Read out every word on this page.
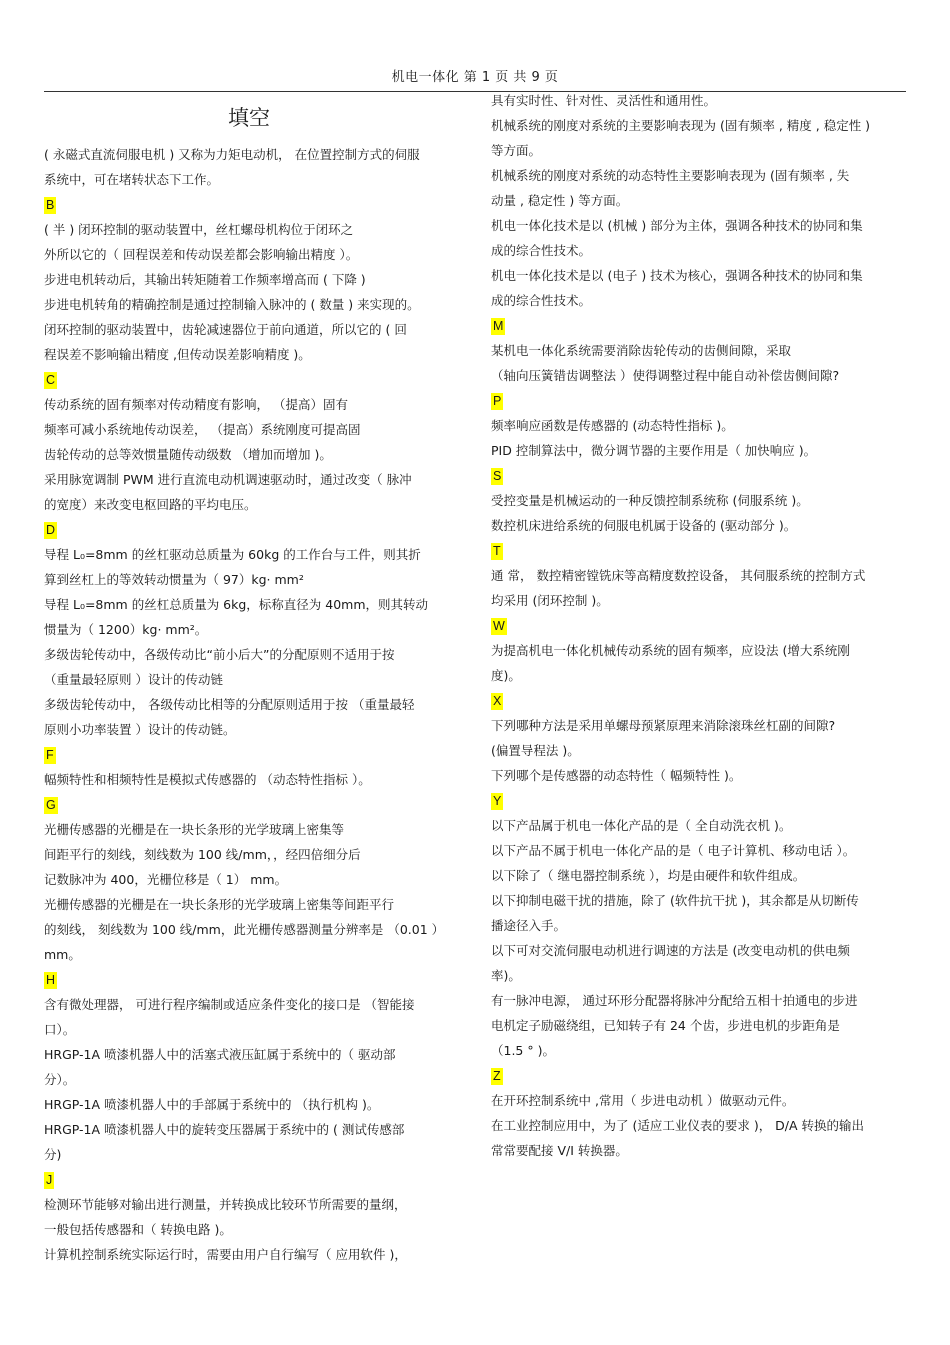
机电一体化 第 1 页 共 9 页
填空
( 永磁式直流伺服电机 ) 又称为力矩电动机， 在位置控制方式的伺服
系统中，可在堵转状态下工作。
B
( 半 ) 闭环控制的驱动装置中，丝杠螺母机构位于闭环之
外所以它的（ 回程误差和传动误差都会影响输出精度 ）。
步进电机转动后，其输出转矩随着工作频率增高而 ( 下降 )
步进电机转角的精确控制是通过控制输入脉冲的 ( 数量 ) 来实现的。
闭环控制的驱动装置中，齿轮减速器位于前向通道，所以它的 ( 回
程误差不影响输出精度 ,但传动误差影响精度 )。
C
传动系统的固有频率对传动精度有影响， （提高）固有
频率可减小系统地传动误差， （提高）系统刚度可提高固
齿轮传动的总等效惯量随传动级数 （增加而增加 )。
采用脉宽调制 PWM 进行直流电动机调速驱动时，通过改变（ 脉冲
的宽度）来改变电枢回路的平均电压。
D
导程 L₀=8mm 的丝杠驱动总质量为 60kg 的工作台与工件，则其折
算到丝杠上的等效转动惯量为（ 97）kg· mm²
导程 L₀=8mm 的丝杠总质量为 6kg，标称直径为 40mm，则其转动
惯量为（ 1200）kg· mm²。
多级齿轮传动中，各级传动比“前小后大”的分配原则不适用于按
（重量最轻原则 ）设计的传动链
多级齿轮传动中， 各级传动比相等的分配原则适用于按 （重量最轻
原则小功率装置 ）设计的传动链。
F
幅频特性和相频特性是模拟式传感器的 （动态特性指标 ）。
G
光栅传感器的光栅是在一块长条形的光学玻璃上密集等
间距平行的刻线，刻线数为 100 线/mm，，经四倍细分后
记数脉冲为 400，光栅位移是（ 1） mm。
光栅传感器的光栅是在一块长条形的光学玻璃上密集等间距平行
的刻线， 刻线数为 100 线/mm，此光栅传感器测量分辨率是 （0.01 ）
mm。
H
含有微处理器， 可进行程序编制或适应条件变化的接口是 （智能接
口）。
HRGP-1A 喷漆机器人中的活塞式液压缸属于系统中的（ 驱动部
分）。
HRGP-1A 喷漆机器人中的手部属于系统中的 （执行机构 )。
HRGP-1A 喷漆机器人中的旋转变压器属于系统中的 ( 测试传感部
分)
J
检测环节能够对输出进行测量，并转换成比较环节所需要的量纲，
一般包括传感器和（ 转换电路 )。
计算机控制系统实际运行时，需要由用户自行编写（ 应用软件 )，
具有实时性、针对性、灵活性和通用性。
机械系统的刚度对系统的主要影响表现为 (固有频率 , 精度 , 稳定性 )
等方面。
机械系统的刚度对系统的动态特性主要影响表现为 (固有频率 , 失
动量 , 稳定性 ) 等方面。
机电一体化技术是以 (机械 ) 部分为主体，强调各种技术的协同和集
成的综合性技术。
机电一体化技术是以 (电子 ) 技术为核心，强调各种技术的协同和集
成的综合性技术。
M
某机电一体化系统需要消除齿轮传动的齿侧间隙，采取
（轴向压簧错齿调整法 ）使得调整过程中能自动补偿齿侧间隙?
P
频率响应函数是传感器的 (动态特性指标 )。
PID 控制算法中，微分调节器的主要作用是（ 加快响应 )。
S
受控变量是机械运动的一种反馈控制系统称 (伺服系统 )。
数控机床进给系统的伺服电机属于设备的 (驱动部分 )。
T
通 常， 数控精密镗铣床等高精度数控设备， 其伺服系统的控制方式
均采用 (闭环控制 )。
W
为提高机电一体化机械传动系统的固有频率，应设法 (增大系统刚
度)。
X
下列哪种方法是采用单螺母预紧原理来消除滚珠丝杠副的间隙?
(偏置导程法 )。
下列哪个是传感器的动态特性（ 幅频特性 )。
Y
以下产品属于机电一体化产品的是（ 全自动洗衣机 )。
以下产品不属于机电一体化产品的是（ 电子计算机、移动电话 ）。
以下除了（ 继电器控制系统 ），均是由硬件和软件组成。
以下抑制电磁干扰的措施，除了 (软件抗干扰 )，其余都是从切断传
播途径入手。
以下可对交流伺服电动机进行调速的方法是 (改变电动机的供电频
率)。
有一脉冲电源， 通过环形分配器将脉冲分配给五相十拍通电的步进
电机定子励磁绕组，已知转子有 24 个齿，步进电机的步距角是
（1.5 ° )。
Z
在开环控制系统中 ,常用（ 步进电动机 ）做驱动元件。
在工业控制应用中，为了 (适应工业仪表的要求 )， D/A 转换的输出
常常要配接 V/I 转换器。
